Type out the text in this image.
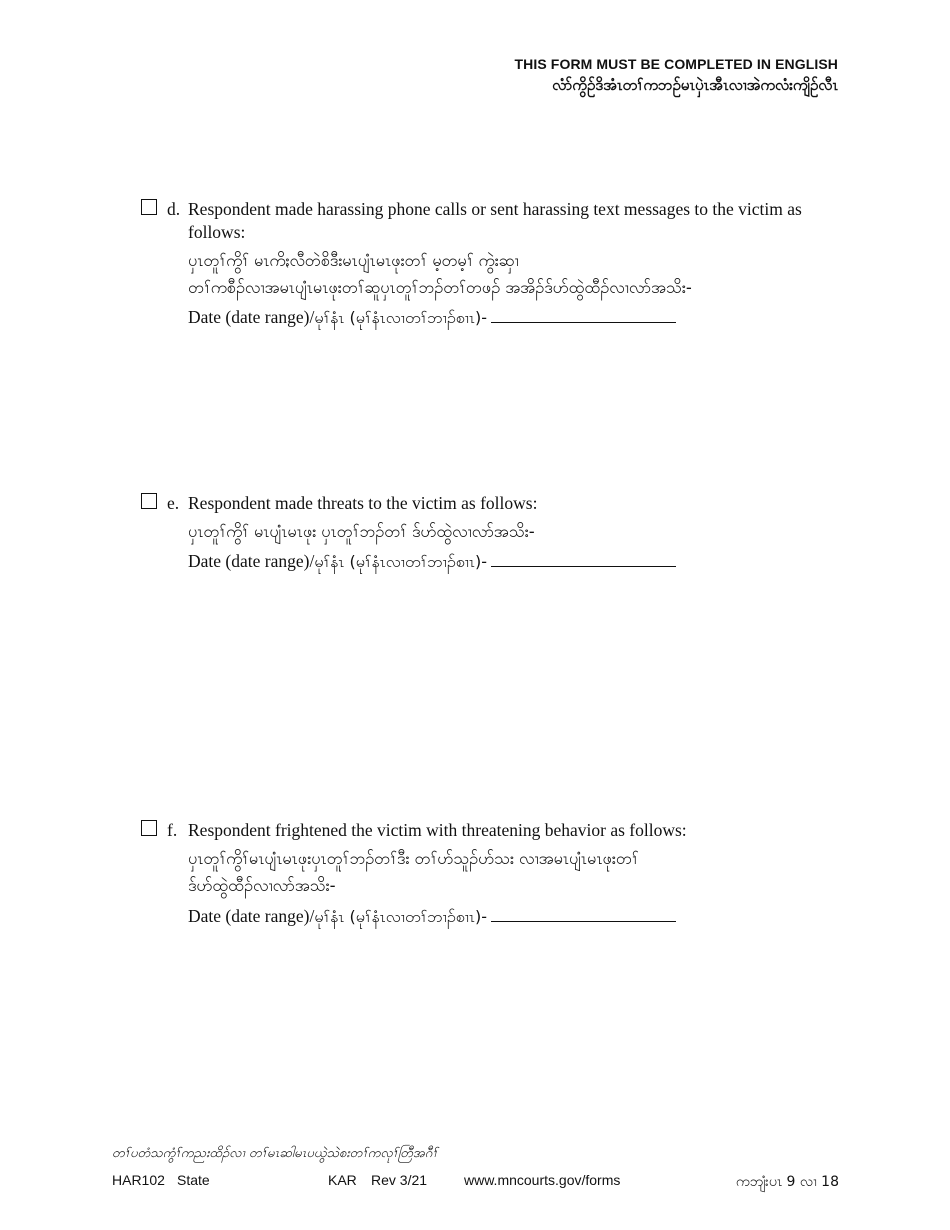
THIS FORM MUST BE COMPLETED IN ENGLISH
လံာ်ကွိဉ်ဒိအံၤတၢ်ကဘဉ်မၤပှဲၤအီၤလၢအဲကလံးကျိဉ်လီၤ
d. Respondent made harassing phone calls or sent harassing text messages to the victim as
follows:
ပှၤတူၢ်ကွိၢ် မၤကိႏလီတဲစိဒီးမၤပျံၤမၤဖုးတၢ် မ့တမ့ၢ် ကွဲးဆှၢ
တၢ်ကစီၣ်လၢအမၤပျံၤမၤဖုးတၢ်ဆူပှၤတူၢ်ဘၣ်တၢ်တဖၣ် အအိၣ်ဒ်ဟ်ထွဲထီၣ်လၢလာ်အသိး-
Date (date range)/မုၢ်နံၤ (မုၢ်နံၤလၢတၢ်ဘၢၣ်စၢၤ)-
e. Respondent made threats to the victim as follows:
ပှၤတူၢ်ကွိၢ် မၤပျံၤမၤဖုး ပှၤတူၢ်ဘၣ်တၢ် ဒ်ဟ်ထွဲလၢလာ်အသိး-
Date (date range)/မုၢ်နံၤ (မုၢ်နံၤလၢတၢ်ဘၢၣ်စၢၤ)-
f. Respondent frightened the victim with threatening behavior as follows:
ပှၤတူၢ်ကွိၢ်မၤပျံၤမၤဖုးပှၤတူၢ်ဘၣ်တၢ်ဒီး တၢ်ဟ်သူၣ်ဟ်သး လၢအမၤပျံၤမၤဖုးတၢ်
ဒ်ဟ်ထွဲထီၣ်လၢလာ်အသိး-
Date (date range)/မုၢ်နံၤ (မုၢ်နံၤလၢတၢ်ဘၢၣ်စၢၤ)-
တၢ်ပတံသကွံၢ်ကညးထိၣ်လၢ တၢ်မၤဆါမၤပယွဲသဲစးတၢ်ကလုၢ်တြီအဂီၢ်
HAR102 State	KAR Rev 3/21	www.mncourts.gov/forms	ကဘျံးပၤ 9 လၢ 18
